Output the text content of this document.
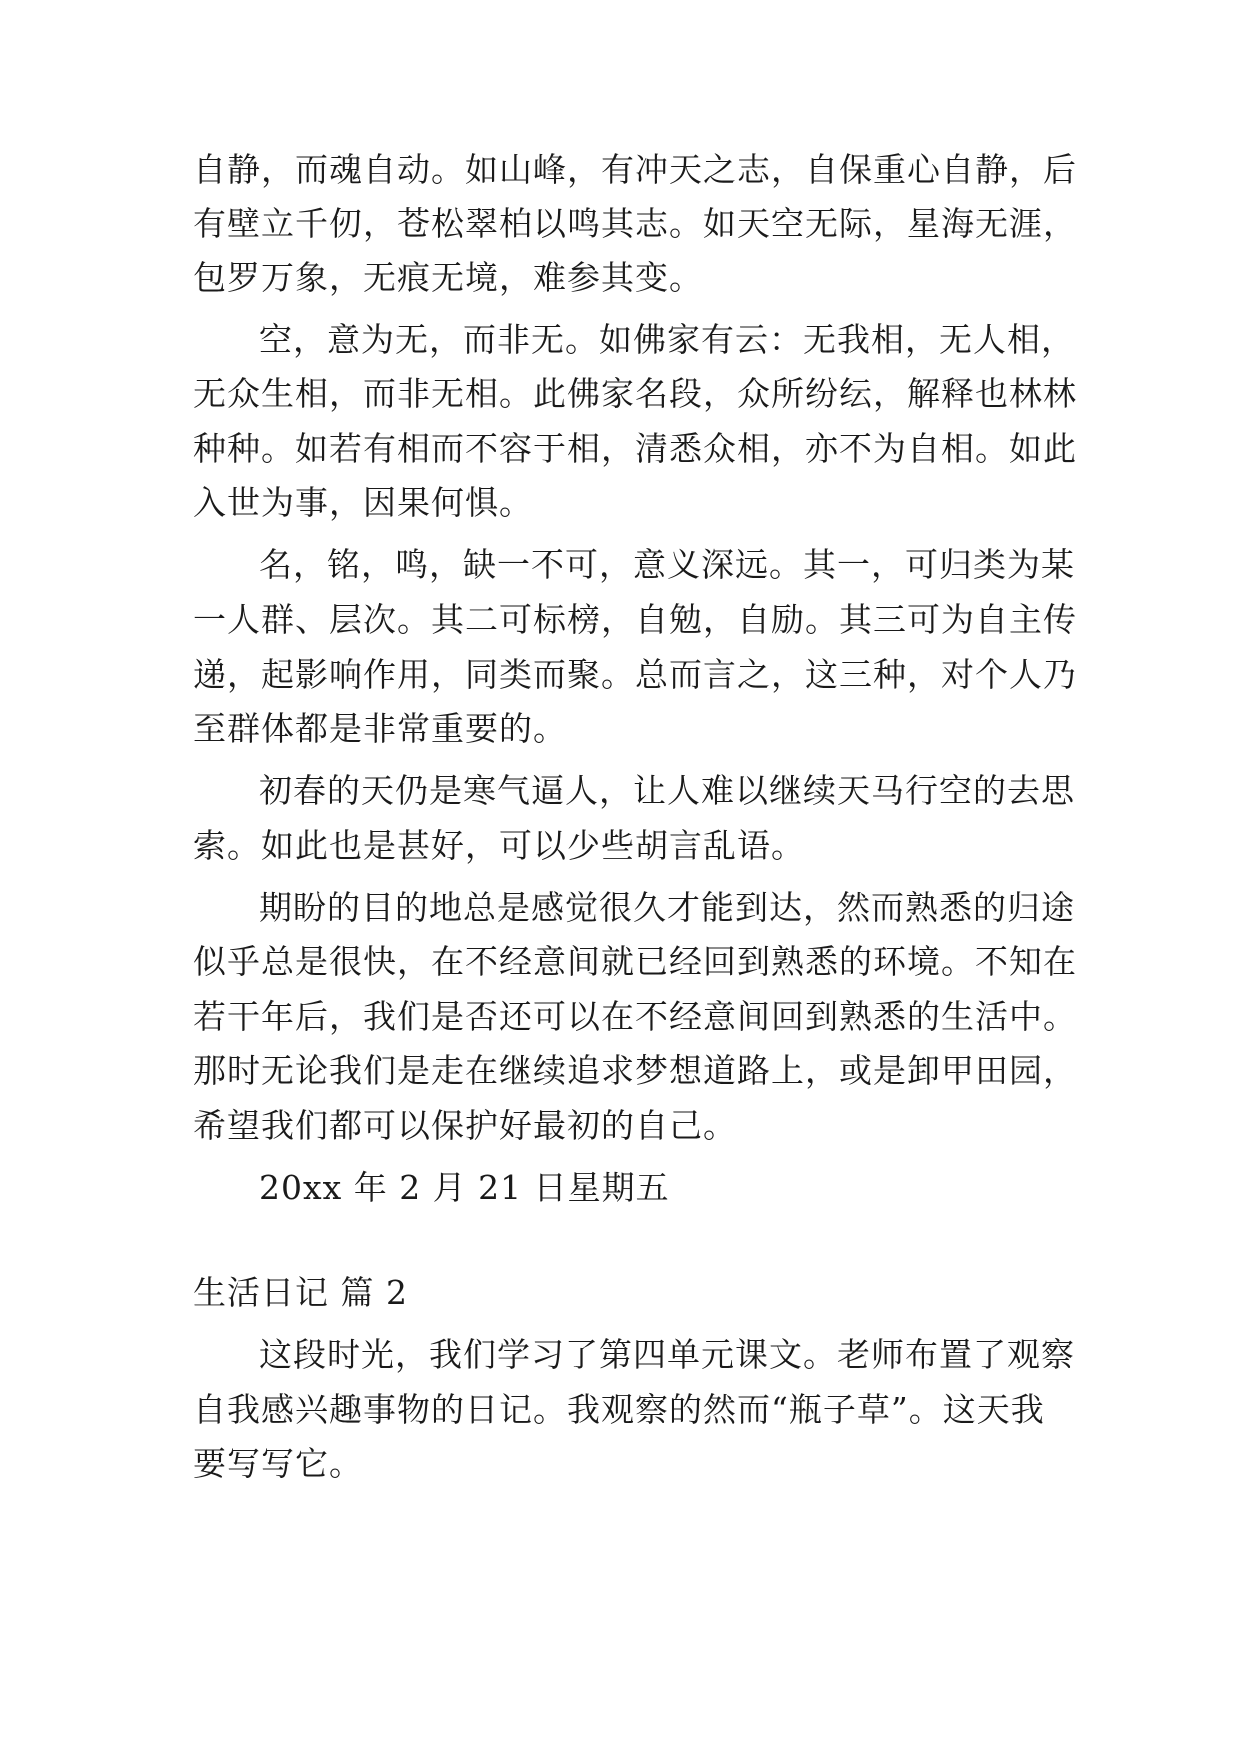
自静，而魂自动。如山峰，有冲天之志，自保重心自静，后
有壁立千仞，苍松翠柏以鸣其志。如天空无际，星海无涯，
包罗万象，无痕无境，难参其变。
空，意为无，而非无。如佛家有云：无我相，无人相，
无众生相，而非无相。此佛家名段，众所纷纭，解释也林林
种种。如若有相而不容于相，清悉众相，亦不为自相。如此
入世为事，因果何惧。
名，铭，鸣，缺一不可，意义深远。其一，可归类为某
一人群、层次。其二可标榜，自勉，自励。其三可为自主传
递，起影响作用，同类而聚。总而言之，这三种，对个人乃
至群体都是非常重要的。
初春的天仍是寒气逼人，让人难以继续天马行空的去思
索。如此也是甚好，可以少些胡言乱语。
期盼的目的地总是感觉很久才能到达，然而熟悉的归途
似乎总是很快，在不经意间就已经回到熟悉的环境。不知在
若干年后，我们是否还可以在不经意间回到熟悉的生活中。
那时无论我们是走在继续追求梦想道路上，或是卸甲田园，
希望我们都可以保护好最初的自己。
20xx 年 2 月 21 日星期五
生活日记 篇 2
这段时光，我们学习了第四单元课文。老师布置了观察
自我感兴趣事物的日记。我观察的然而“瓶子草”。这天我
要写写它。
